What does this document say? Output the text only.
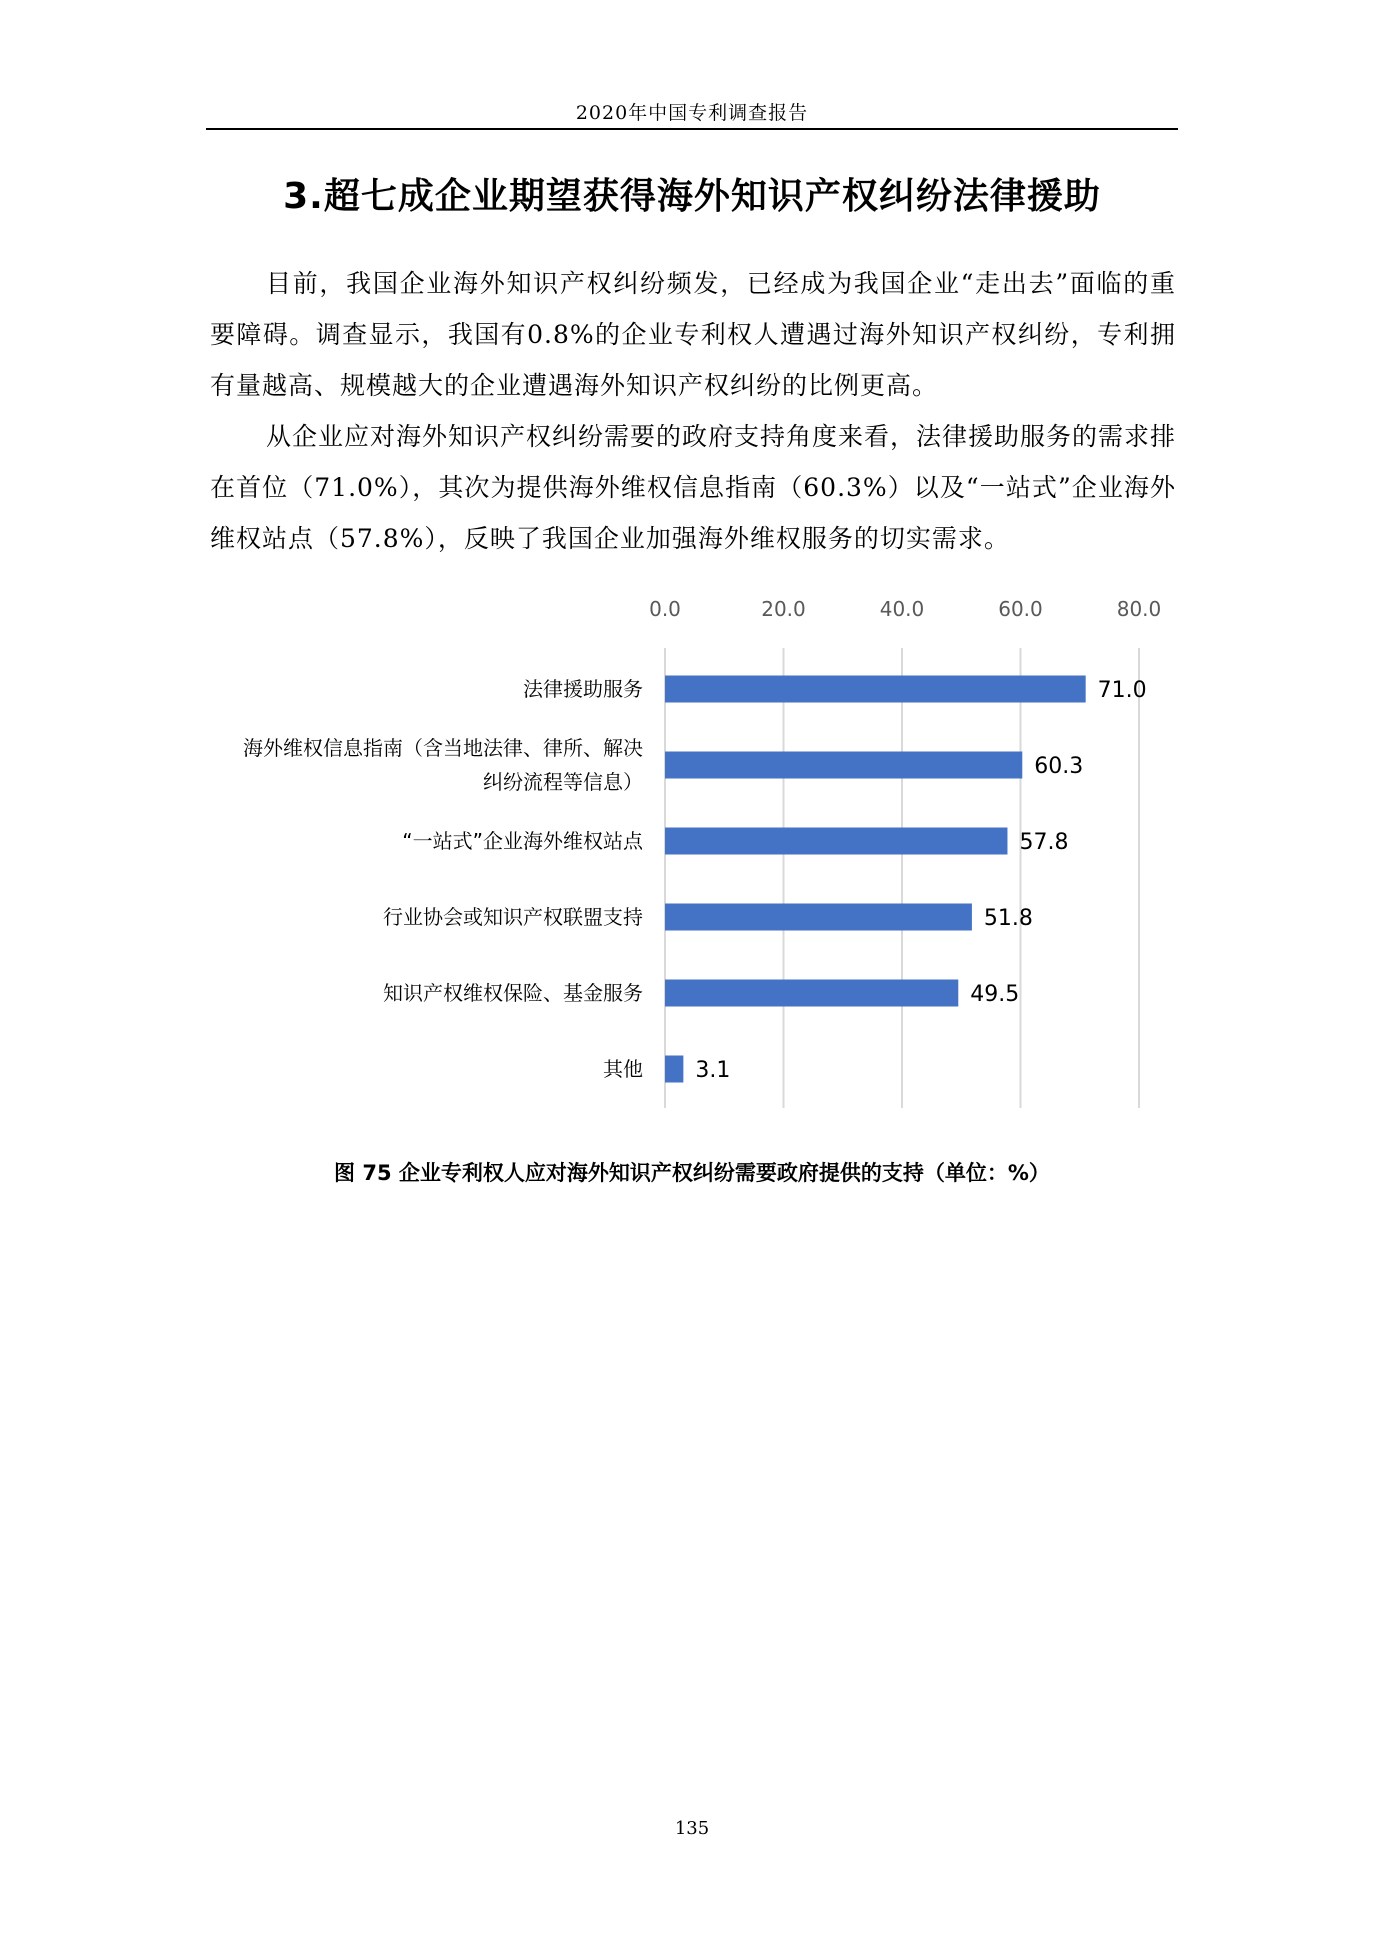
2020年中国专利调查报告
3.超七成企业期望获得海外知识产权纠纷法律援助

目前，我国企业海外知识产权纠纷频发，已经成为我国企业“走出去”面临的重要障碍。调查显示，我国有0.8%的企业专利权人遭遇过海外知识产权纠纷，专利拥有量越高、规模越大的企业遭遇海外知识产权纠纷的比例更高。

从企业应对海外知识产权纠纷需要的政府支持角度来看，法律援助服务的需求排在首位（71.0%），其次为提供海外维权信息指南（60.3%）以及“一站式”企业海外维权站点（57.8%），反映了我国企业加强海外维权服务的切实需求。

0.0	20.0	40.0	60.0	80.0
71.0
60.3
57.8
51.8
49.5
3.1
法律援助服务
海外维权信息指南（含当地法律、律所、解决
纠纷流程等信息）
“一站式”企业海外维权站点
行业协会或知识产权联盟支持
知识产权维权保险、基金服务
其他
图 75 企业专利权人应对海外知识产权纠纷需要政府提供的支持（单位：%）
135
